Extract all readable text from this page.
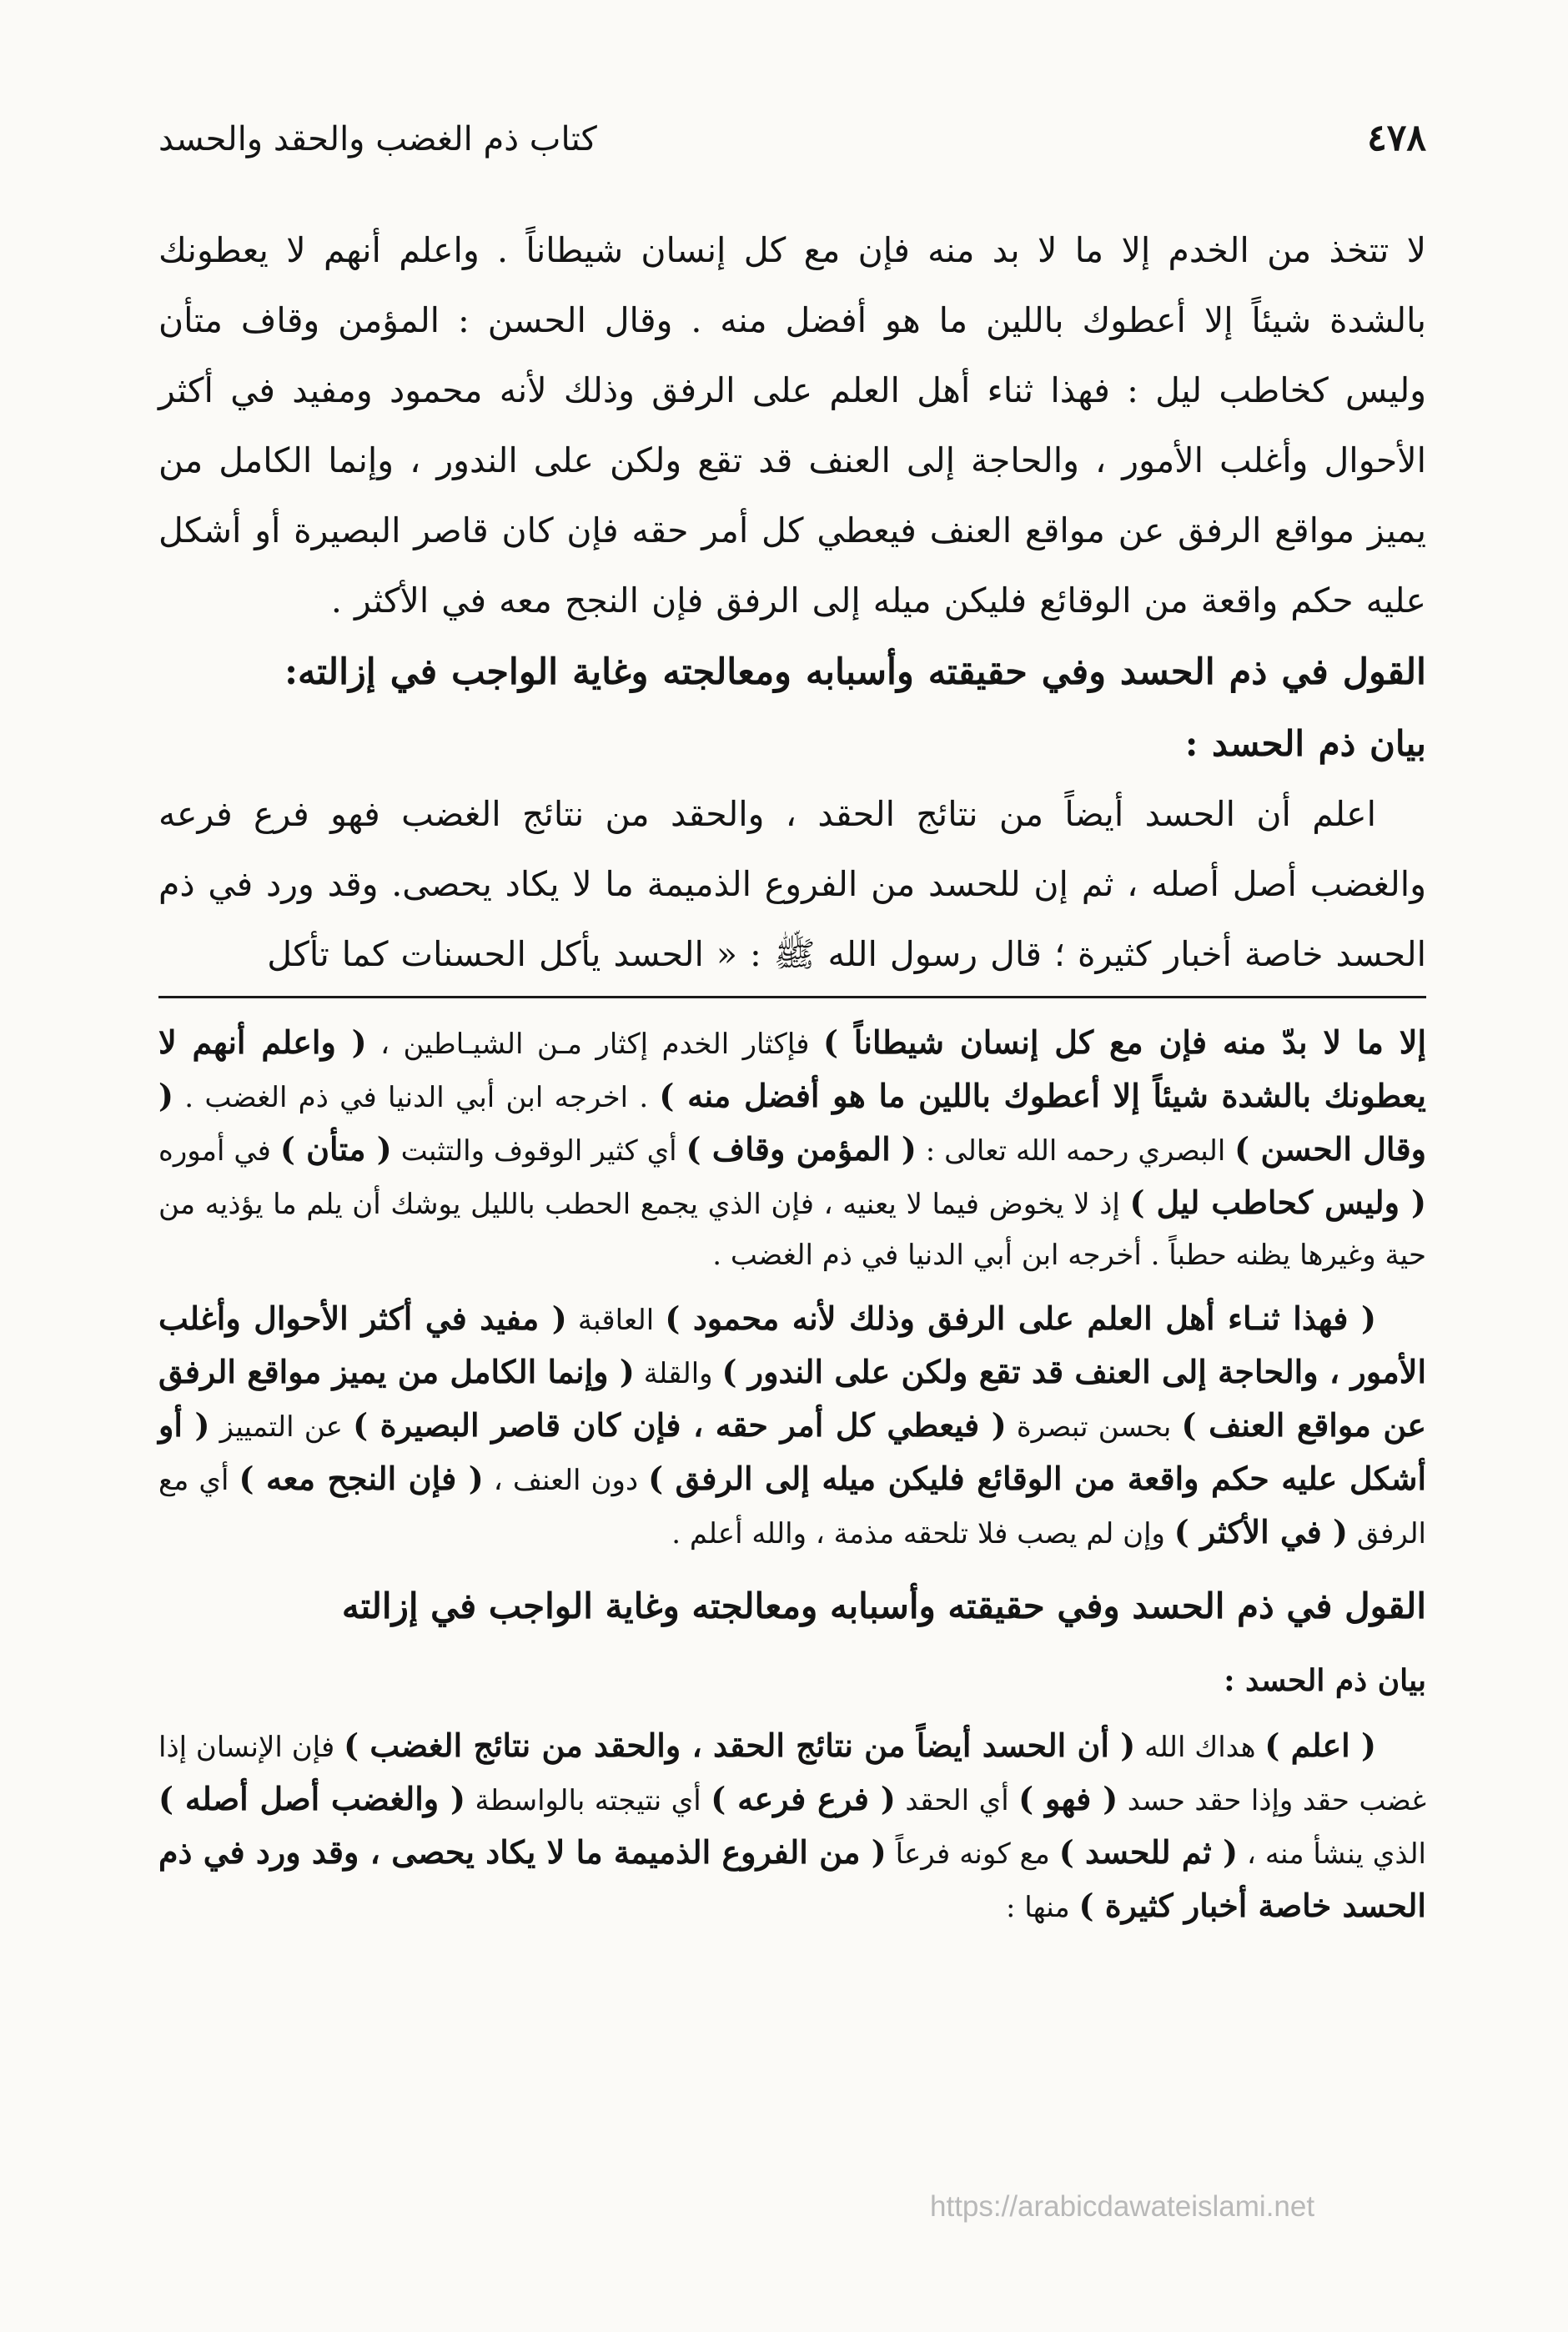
٤٧٨
كتاب ذم الغضب والحقد والحسد

لا تتخذ من الخدم إلا ما لا بد منه فإن مع كل إنسان شيطاناً . واعلم أنهم لا يعطونك بالشدة شيئاً إلا أعطوك باللين ما هو أفضل منه . وقال الحسن : المؤمن وقاف متأن وليس كخاطب ليل : فهذا ثناء أهل العلم على الرفق وذلك لأنه محمود ومفيد في أكثر الأحوال وأغلب الأمور ، والحاجة إلى العنف قد تقع ولكن على الندور ، وإنما الكامل من يميز مواقع الرفق عن مواقع العنف فيعطي كل أمر حقه فإن كان قاصر البصيرة أو أشكل عليه حكم واقعة من الوقائع فليكن ميله إلى الرفق فإن النجح معه في الأكثر .

القول في ذم الحسد وفي حقيقته وأسبابه ومعالجته وغاية الواجب في إزالته:

بيان ذم الحسد :

اعلم أن الحسد أيضاً من نتائج الحقد ، والحقد من نتائج الغضب فهو فرع فرعه والغضب أصل أصله ، ثم إن للحسد من الفروع الذميمة ما لا يكاد يحصى. وقد ورد في ذم الحسد خاصة أخبار كثيرة ؛ قال رسول الله ﷺ : « الحسد يأكل الحسنات كما تأكل

إلا ما لا بدّ منه فإن مع كل إنسان شيطاناً ) فإكثار الخدم إكثار مـن الشيـاطين ، ( واعلم أنهم لا يعطونك بالشدة شيئاً إلا أعطوك باللين ما هو أفضل منه ) . اخرجه ابن أبي الدنيا في ذم الغضب . ( وقال الحسن ) البصري رحمه الله تعالى : ( المؤمن وقاف ) أي كثير الوقوف والتثبت ( متأن ) في أموره ( وليس كحاطب ليل ) إذ لا يخوض فيما لا يعنيه ، فإن الذي يجمع الحطب بالليل يوشك أن يلم ما يؤذيه من حية وغيرها يظنه حطباً . أخرجه ابن أبي الدنيا في ذم الغضب .

( فهذا ثنـاء أهل العلم على الرفق وذلك لأنه محمود ) العاقبة ( مفيد في أكثر الأحوال وأغلب الأمور ، والحاجة إلى العنف قد تقع ولكن على الندور ) والقلة ( وإنما الكامل من يميز مواقع الرفق عن مواقع العنف ) بحسن تبصرة ( فيعطي كل أمر حقه ، فإن كان قاصر البصيرة ) عن التمييز ( أو أشكل عليه حكم واقعة من الوقائع فليكن ميله إلى الرفق ) دون العنف ، ( فإن النجح معه ) أي مع الرفق ( في الأكثر ) وإن لم يصب فلا تلحقه مذمة ، والله أعلم .

القول في ذم الحسد وفي حقيقته وأسبابه ومعالجته وغاية الواجب في إزالته

بيان ذم الحسد :

( اعلم ) هداك الله ( أن الحسد أيضاً من نتائج الحقد ، والحقد من نتائج الغضب ) فإن الإنسان إذا غضب حقد وإذا حقد حسد ( فهو ) أي الحقد ( فرع فرعه ) أي نتيجته بالواسطة ( والغضب أصل أصله ) الذي ينشأ منه ، ( ثم للحسد ) مع كونه فرعاً ( من الفروع الذميمة ما لا يكاد يحصى ، وقد ورد في ذم الحسد خاصة أخبار كثيرة ) منها :

https://arabicdawateislami.net
